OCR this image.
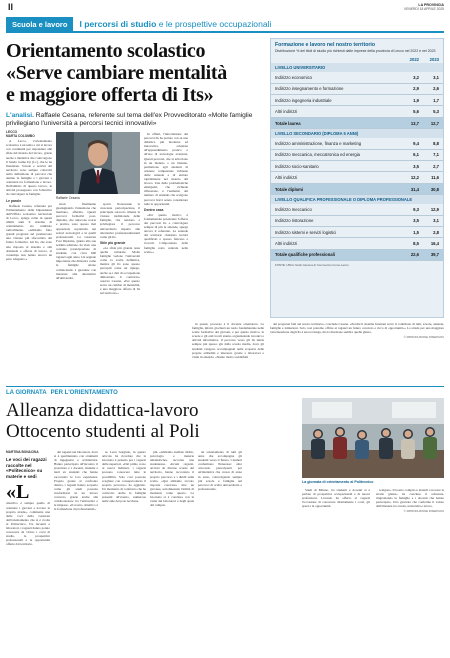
II	LA PROVINCIA
VENERDÌ 18 APRILE 2025
Scuola e lavoro	I percorsi di studio
e le prospettive occupazionali
Orientamento scolastico
«Serve cambiare mentalità
e maggiore offerta di Its»
L'analisi. Raffaele Cesana, referente sul tema dell'ex Provveditorato «Molte famiglie privilegiano l'università a percorsi tecnici innovativi»
Formazione e lavoro nel nostro territorio
Distribuzione % dei titoli di studio più richiesti dalle imprese della provincia di Lecco nel 2022 e nel 2023
2022	2023
LIVELLO UNIVERSITARIO
Indirizzo economico	3,2	3,1
Indirizzo insegnamento e formazione	2,9	2,6
Indirizzo ingegneria industriale	1,9	1,7
Altri indirizzi	5,6	5,3
Totale laurea	13,7	12,7
LIVELLO SECONDARIO (DIPLOMA 5 ANNI)
Indirizzo amministrazione, finanza e marketing	9,4	8,8
Indirizzo meccanica, meccatronica ed energia	6,1	7,1
Indirizzo socio-sanitario	3,5	2,7
Altri indirizzi	12,2	11,6
Totale diplomi	31,4	30,8
LIVELLO QUALIFICA PROFESSIONALE O DIPLOMA PROFESSIONALE
Indirizzo meccanico	9,3	12,9
Indirizzo ristorazione	3,5	3,1
Indirizzo sistemi e servizi logistici	1,5	2,8
Altri indirizzi	8,5	16,4
Totale qualifiche professionali	22,6	39,7
FONTE: Ufficio Studi Camera di Commercio Como-Lecco
LECCO
MARTA COLOMBO

A Lecco, l'orientamento scolastico è un tema a cui si lavora con continuità per rispondere alle sfide del mondo del lavoro, grazie anche a iniziative che coinvolgono il bando Game Up (Lc), che le ha finanziate. Scuole e servizi del territorio sono sempre coinvolti nella definizione di percorsi che aiutino le famiglie e i giovani a orientarsi tra formazione e lavoro. Nell'ambito di questo lavoro, le attività proseguono con l'obiettivo di coinvolgere le famiglie.

Le parole

Raffaele Cesana, referente per l'Orientamento della Dipendenza dell'Ufficio scolastico territoriale di Lecco, spiega come in questi ultimi anni il sistema di orientamento sia cambiato radicalmente. «Abbiamo fatto grandi progressi sul promuovere una visione più sfaccettata del futuro formativo. Gli Its, che sono una risposta al sistema e alla domanda e offerta di lavoro, al contempo non hanno ancora un peso adeguato.»

Raffaele Cesana

strati finalmente guadagnando l'attenzione che meritano, afferma. Questi percorsi formativi post-diploma, che uniscono teoria e pratica, sono spesso mal apprezzati, soprattutto nei settori tecnologici e in quelli professionali. La Giornata Post Diploma, giunta alla sua settima edizione, ha visto una costante partecipazione di studenti, con circa 600 ragazzi ogni anno. Un segnale importante che dimostra come le famiglie stiano cominciando a guardare con interesse alle alternative all'università.

sporti. Nonostante la crescente partecipazione, il principale ostacolo rimane la visione tradizionale delle famiglie, che tendono a privilegiare il percorso universitario rispetto alle alternative professionalizzanti come gli Its.

Stile più grande

«La sfida più grande resta quella culturale. Molte famiglie vedono l'università come la scelta definitiva, mentre gli Its sono spesso percepiti come un ripiego, anche se i dati di occupazione dimostrano il contrario» osserva Cesana. «Per questo serve un cambio di mentalità, e una maggiore offerta di Its sul territorio.»

In effetti, l'introduzione dei percorsi Its ha portato con sé una didattica più moderna ed innovativa, orientata all'apprendimento pratico e all'uso di tecnologie avanzate. Questi percorsi, che si articolano in un biennio o un triennio, permettono agli studenti di ottenere competenze richieste dalle aziende e di entrare rapidamente nel mondo del lavoro. Una delle problematiche emergenti, che richiede riflessione, è l'aumento del numero di studenti che scelgono percorsi brevi senza considerare tutte le opportunità.

Dentro casa

«Per questo motivo è fondamentale potenziare l'offerta dei percorsi Its e coinvolgere sempre di più le aziende, spiega ancora il referente. Le aziende del territorio chiedono tecnici qualificati e spesso faticano a trovarli. L'importanza della famiglia resta centrale nella scelta.»

in questo processo è il docente orientatore. La famiglia, infatti, giocherà un ruolo fondamentale nelle scelte formative dei giovani, e per questo motivo, le scuole e gli enti locali stanno organizzando incontri e attività informative. Il percorso verso gli Its inizia sempre più spesso già dalla scuola media, dove gli studenti vengono accompagnati nella scoperta delle proprie attitudini e interessi, grazie a laboratori e visite in azienda. «Siamo molto soddisfatti

dei progressi fatti sul nostro territorio» conclude Cesana. «Perché il sistema funzioni serve il contributo di tutti, scuole, aziende, famiglie e istituzioni. Solo così potremo offrire ai ragazzi un futuro concreto e ricco di opportunità.» La strada per una maggiore valorizzazione degli Its è ancora lunga, ma la direzione sembra quella giusta.

© RIPRODUZIONE RISERVATA
LA GIORNATA
PER L'ORIENTAMENTO
Alleanza didattica-lavoro
Ottocento studenti al Poli
MARTINA BONACINA
Le voci dei ragazzi raccolte nel «Politecnico» su materie e sedi
«L

obiettivo è sempre quello di orientare i giovani a trovare la propria strada», commenta una delle voci della Giornata dell'orientamento che si è svolta al Politecnico. Tra incontri e laboratori, i ragazzi hanno potuto conoscere da vicino i corsi di studio, le prospettive professionali e le opportunità offerte dal territorio.

dei ragazzi nei laboratori, dove si è sperimentato con strumenti di ingegneria e architettura. Hanno partecipato all'incontro il prorettore e i docenti, insieme a tanti ex studenti che hanno raccontato le loro esperienze. Proprio grazie al confronto diretto, i ragazzi hanno scoperto come gli studi possano trasformarsi in un lavoro concreto, grazie anche alla collaborazione tra l'università e le imprese. «Il nostro obiettivo è la formazione di professionisti»

te, Leon Gargiulo, in questo articolo ha ricordato che la Giornata è pensata per i ragazzi delle superiori. «Dal primo corso ai nuovi indirizzi, i ragazzi possono conoscere tutte le possibilità. Solo così possono scegliere con consapevolezza il proprio percorso» ha aggiunto. Un momento di confronto che ha coinvolto anche le famiglie presenti all'evento, numerose nelle aule del polo lecchese.

più. «Abbiamo studiato diritto, psicologia e materie umanistiche» racconta una studentessa. Alcuni ragazzi, arrivati da diverse scuole del territorio, hanno raccontato il proprio percorso e i dubbi sulla scelta. «Qui abbiamo trovato risposte concrete» dice un giovane, sottolineando l'utilità di momenti come questo. La Giornata si è conclusa con la visita dei laboratori e degli spazi del campus.

un orientamento di tutti gli anni, che accompagna gli studenti verso il futuro. I numeri confermano l'interesse: oltre ottocento partecipanti per un'iniziativa che cresce di anno in anno, coinvolgendo sempre più scuole e famiglie nel percorso di scelta universitaria e professionale.

La giornata di orientamento al Politecnico

Studi di Milano, tra studenti e docenti si è parlato di prospettive occupazionali e di nuove professioni. L'evento ha offerto ai ragazzi l'occasione di conoscere direttamente i corsi, gli spazi e le opportunità.

scelgono. Il nostro compito è aiutarli a trovare la strada giusta» ha concluso il referente, ringraziando le famiglie e i docenti che hanno partecipato. Una giornata che conferma il valore dell'alleanza tra scuola, università e lavoro.

© RIPRODUZIONE RISERVATA
